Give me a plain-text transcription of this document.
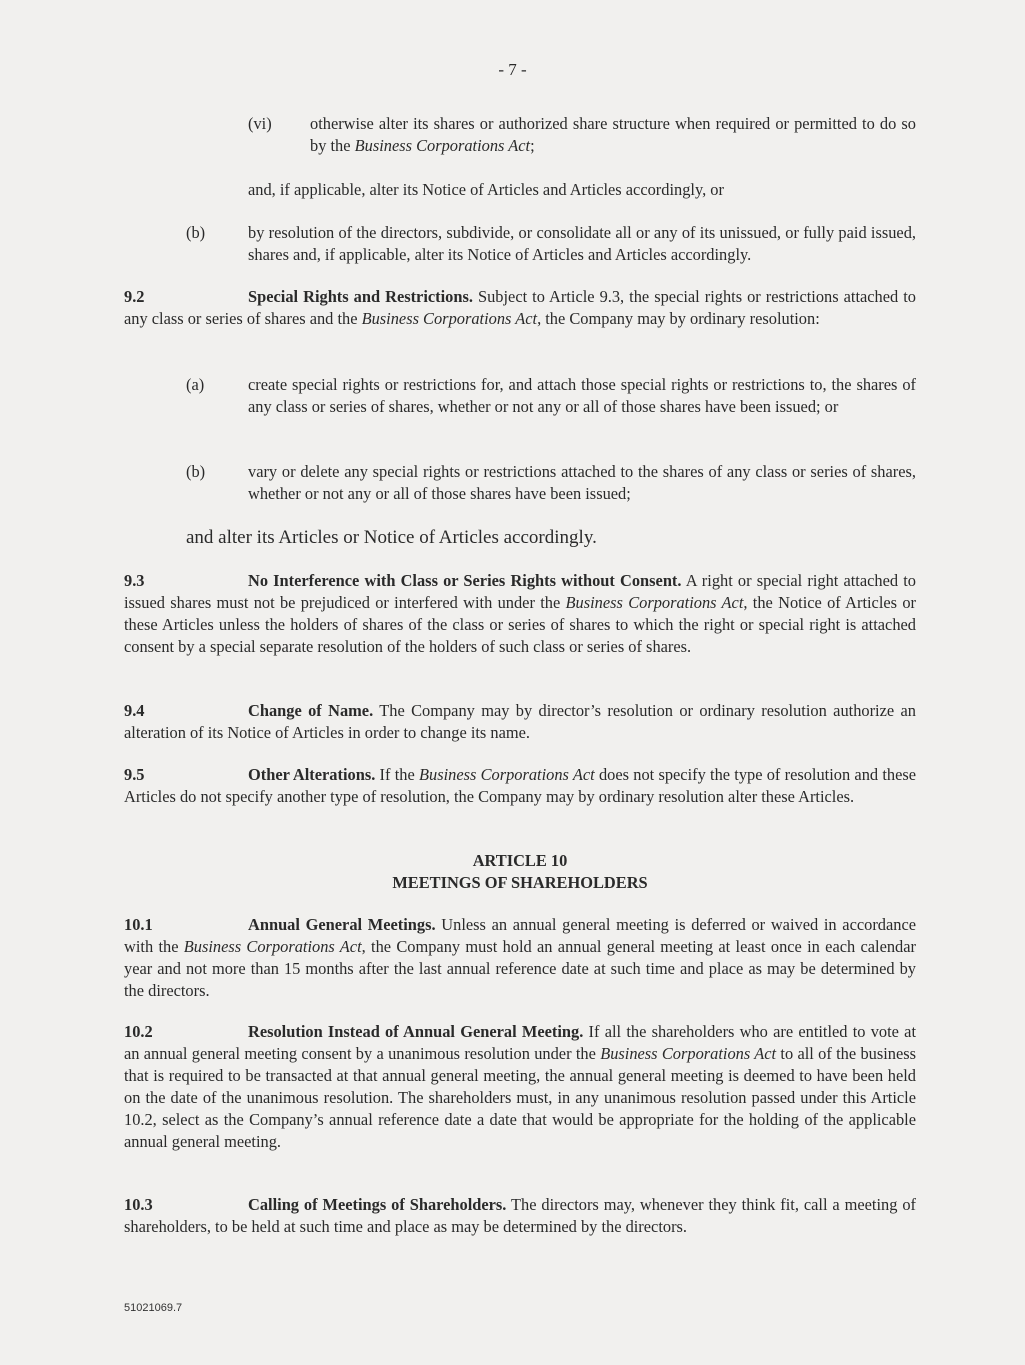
- 7 -
(vi) otherwise alter its shares or authorized share structure when required or permitted to do so by the Business Corporations Act;
and, if applicable, alter its Notice of Articles and Articles accordingly, or
(b)	by resolution of the directors, subdivide, or consolidate all or any of its unissued, or fully paid issued, shares and, if applicable, alter its Notice of Articles and Articles accordingly.
9.2	Special Rights and Restrictions. Subject to Article 9.3, the special rights or restrictions attached to any class or series of shares and the Business Corporations Act, the Company may by ordinary resolution:
(a)	create special rights or restrictions for, and attach those special rights or restrictions to, the shares of any class or series of shares, whether or not any or all of those shares have been issued; or
(b)	vary or delete any special rights or restrictions attached to the shares of any class or series of shares, whether or not any or all of those shares have been issued;
and alter its Articles or Notice of Articles accordingly.
9.3	No Interference with Class or Series Rights without Consent. A right or special right attached to issued shares must not be prejudiced or interfered with under the Business Corporations Act, the Notice of Articles or these Articles unless the holders of shares of the class or series of shares to which the right or special right is attached consent by a special separate resolution of the holders of such class or series of shares.
9.4	Change of Name. The Company may by director’s resolution or ordinary resolution authorize an alteration of its Notice of Articles in order to change its name.
9.5	Other Alterations. If the Business Corporations Act does not specify the type of resolution and these Articles do not specify another type of resolution, the Company may by ordinary resolution alter these Articles.
ARTICLE 10
MEETINGS OF SHAREHOLDERS
10.1	Annual General Meetings. Unless an annual general meeting is deferred or waived in accordance with the Business Corporations Act, the Company must hold an annual general meeting at least once in each calendar year and not more than 15 months after the last annual reference date at such time and place as may be determined by the directors.
10.2	Resolution Instead of Annual General Meeting. If all the shareholders who are entitled to vote at an annual general meeting consent by a unanimous resolution under the Business Corporations Act to all of the business that is required to be transacted at that annual general meeting, the annual general meeting is deemed to have been held on the date of the unanimous resolution. The shareholders must, in any unanimous resolution passed under this Article 10.2, select as the Company’s annual reference date a date that would be appropriate for the holding of the applicable annual general meeting.
10.3	Calling of Meetings of Shareholders. The directors may, whenever they think fit, call a meeting of shareholders, to be held at such time and place as may be determined by the directors.
51021069.7
